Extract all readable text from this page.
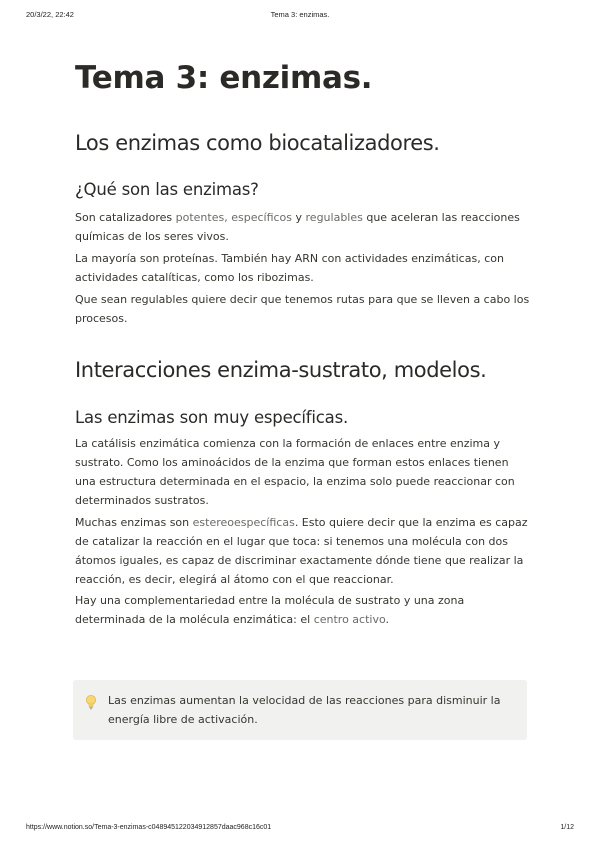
20/3/22, 22:42	Tema 3: enzimas.
Tema 3: enzimas.
Los enzimas como biocatalizadores.
¿Qué son las enzimas?

Son catalizadores potentes, específicos y regulables que aceleran las reacciones químicas de los seres vivos.

La mayoría son proteínas. También hay ARN con actividades enzimáticas, con actividades catalíticas, como los ribozimas.

Que sean regulables quiere decir que tenemos rutas para que se lleven a cabo los procesos.

Interacciones enzima-sustrato, modelos.
Las enzimas son muy específicas.

La catálisis enzimática comienza con la formación de enlaces entre enzima y sustrato. Como los aminoácidos de la enzima que forman estos enlaces tienen una estructura determinada en el espacio, la enzima solo puede reaccionar con determinados sustratos.

Muchas enzimas son estereoespecíficas. Esto quiere decir que la enzima es capaz de catalizar la reacción en el lugar que toca: si tenemos una molécula con dos átomos iguales, es capaz de discriminar exactamente dónde tiene que realizar la reacción, es decir, elegirá al átomo con el que reaccionar.

Hay una complementariedad entre la molécula de sustrato y una zona determinada de la molécula enzimática: el centro activo.

Las enzimas aumentan la velocidad de las reacciones para disminuir la energía libre de activación.
https://www.notion.so/Tema-3-enzimas-c048945122034912857daac968c16c01	1/12
